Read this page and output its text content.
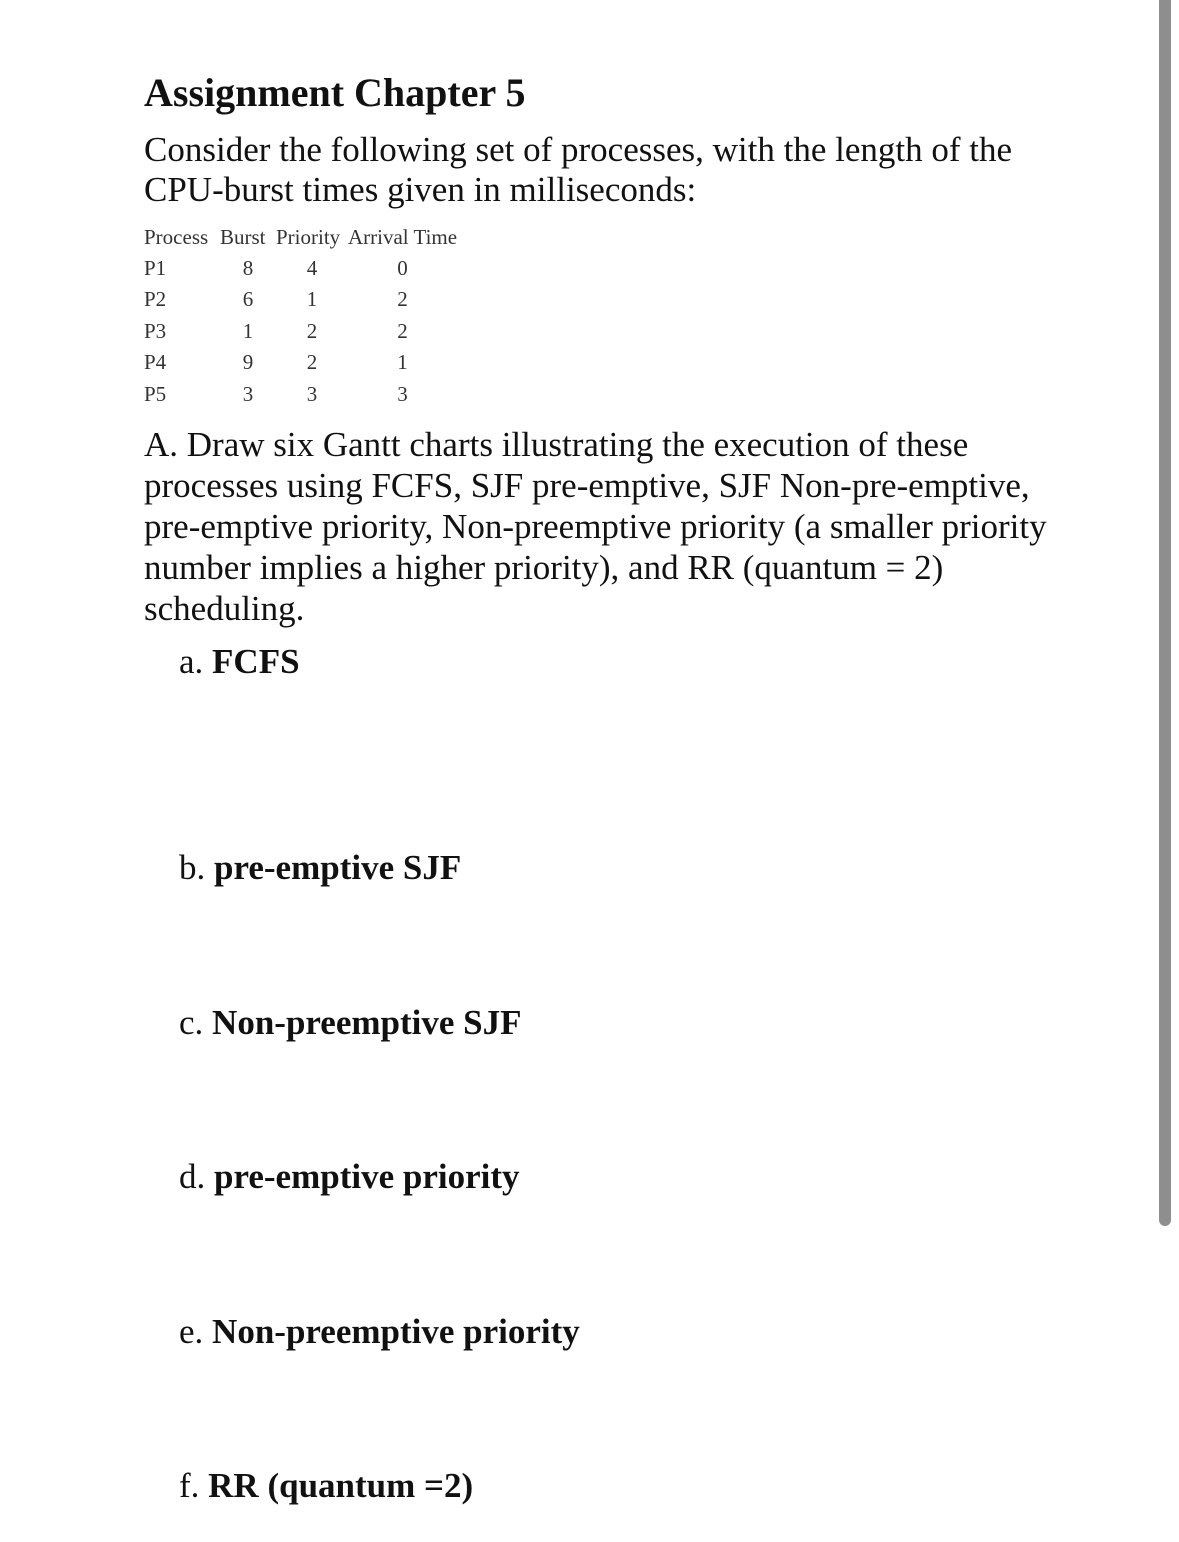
Assignment Chapter 5

Consider the following set of processes, with the length of the CPU-burst times given in milliseconds:

Process	Burst	Priority	Arrival Time
P1	8	4	0
P2	6	1	2
P3	1	2	2
P4	9	2	1
P5	3	3	3

A. Draw six Gantt charts illustrating the execution of these processes using FCFS, SJF pre-emptive, SJF Non-pre-emptive, pre-emptive priority, Non-preemptive priority (a smaller priority number implies a higher priority), and RR (quantum = 2) scheduling.

a. FCFS

b. pre-emptive SJF

c. Non-preemptive SJF

d. pre-emptive priority

e. Non-preemptive priority

f. RR (quantum =2)
